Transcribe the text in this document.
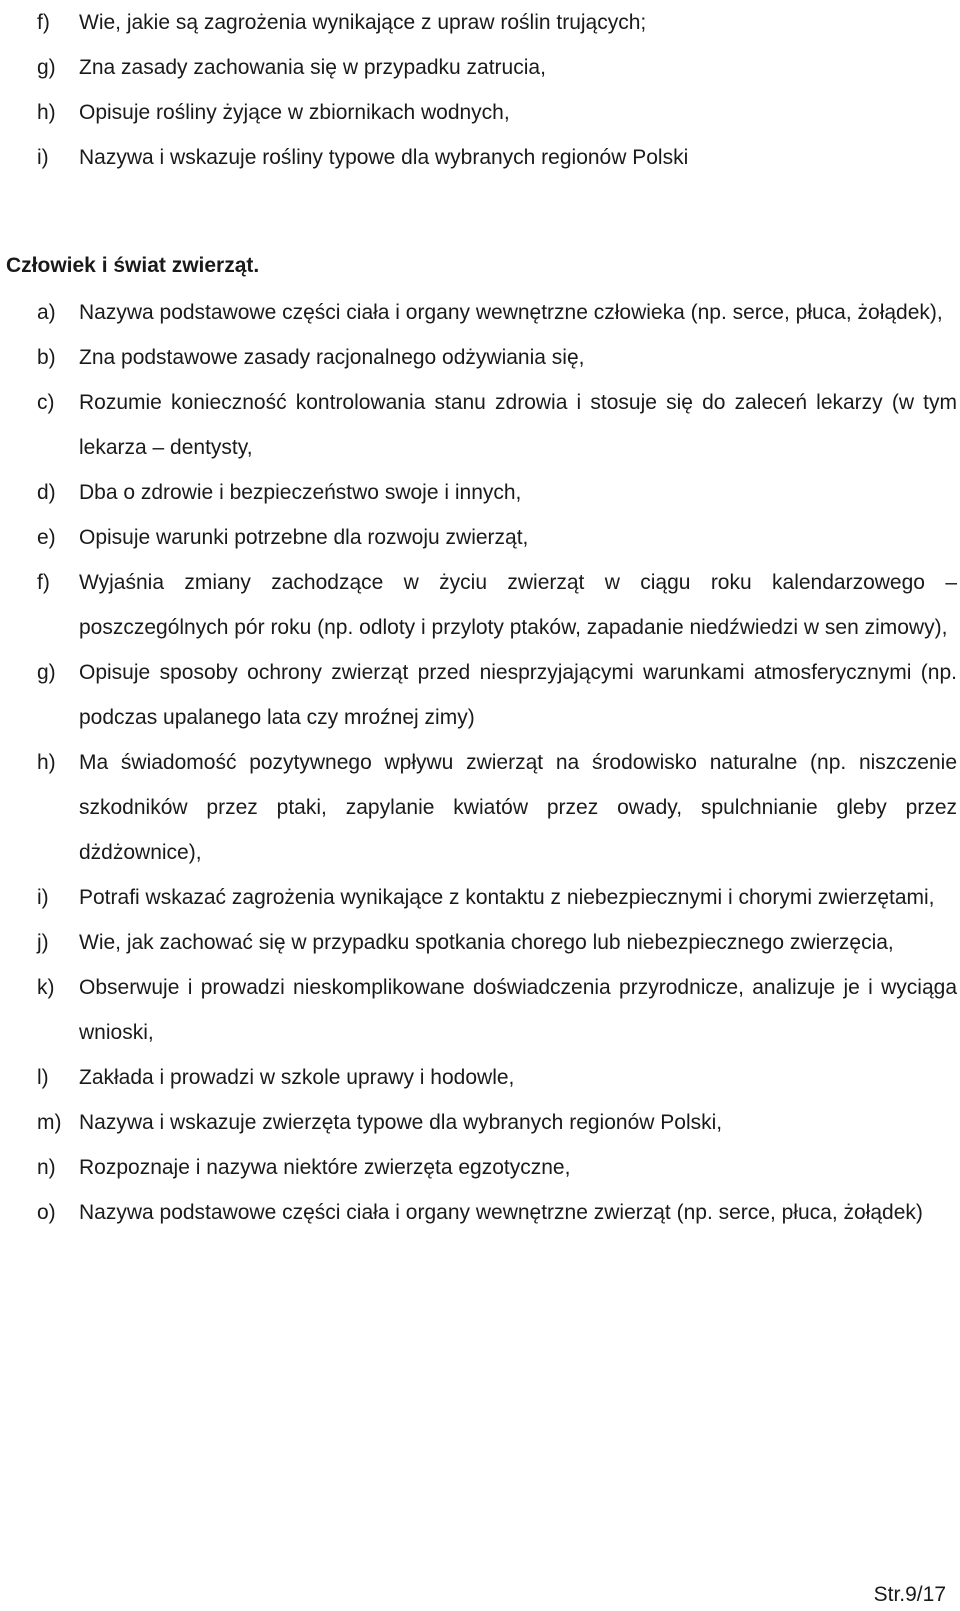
f)	Wie, jakie są zagrożenia wynikające z upraw roślin trujących;
g)	Zna zasady zachowania się w przypadku zatrucia,
h)	Opisuje rośliny żyjące w zbiornikach wodnych,
i)	Nazywa i wskazuje rośliny typowe dla wybranych regionów Polski
Człowiek i świat zwierząt.
a)	Nazywa podstawowe części ciała i organy wewnętrzne człowieka (np. serce, płuca, żołądek),
b)	Zna podstawowe zasady racjonalnego odżywiania się,
c)	Rozumie konieczność kontrolowania stanu zdrowia i stosuje się do zaleceń lekarzy (w tym lekarza – dentysty,
d)	Dba o zdrowie i bezpieczeństwo swoje i innych,
e)	Opisuje warunki potrzebne dla rozwoju zwierząt,
f)	Wyjaśnia zmiany zachodzące w życiu zwierząt w ciągu roku kalendarzowego – poszczególnych pór roku (np. odloty i przyloty ptaków, zapadanie niedźwiedzi w sen zimowy),
g)	Opisuje sposoby ochrony zwierząt przed niesprzyjającymi warunkami atmosferycznymi (np. podczas upalanego lata czy mroźnej zimy)
h)	Ma świadomość pozytywnego wpływu zwierząt na środowisko naturalne (np. niszczenie szkodników przez ptaki, zapylanie kwiatów przez owady, spulchnianie gleby przez dżdżownice),
i)	Potrafi wskazać zagrożenia wynikające z kontaktu z niebezpiecznymi i chorymi zwierzętami,
j)	Wie, jak zachować się w przypadku spotkania chorego lub niebezpiecznego zwierzęcia,
k)	Obserwuje i prowadzi nieskomplikowane doświadczenia przyrodnicze, analizuje je i wyciąga wnioski,
l)	Zakłada i prowadzi w szkole uprawy i hodowle,
m) Nazywa i wskazuje zwierzęta typowe dla wybranych regionów Polski,
n)	Rozpoznaje i nazywa niektóre zwierzęta egzotyczne,
o)	Nazywa podstawowe części ciała i organy wewnętrzne zwierząt (np. serce, płuca, żołądek)
Str.9/17
